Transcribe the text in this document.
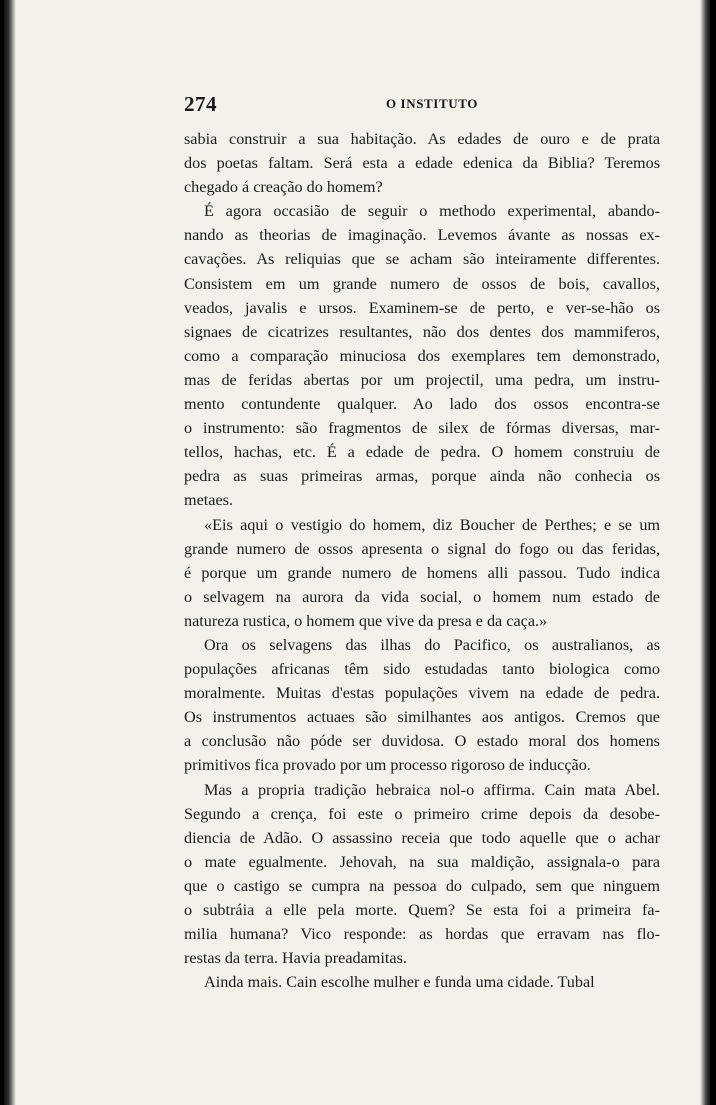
274	O INSTITUTO
sabia construir a sua habitação. As edades de ouro e de prata
dos poetas faltam. Será esta a edade edenica da Biblia? Teremos
chegado á creação do homem?
É agora occasião de seguir o methodo experimental, abando-
nando as theorias de imaginação. Levemos ávante as nossas ex-
cavações. As reliquias que se acham são inteiramente differentes.
Consistem em um grande numero de ossos de bois, cavallos,
veados, javalis e ursos. Examinem-se de perto, e ver-se-hão os
signaes de cicatrizes resultantes, não dos dentes dos mammiferos,
como a comparação minuciosa dos exemplares tem demonstrado,
mas de feridas abertas por um projectil, uma pedra, um instru-
mento contundente qualquer. Ao lado dos ossos encontra-se
o instrumento: são fragmentos de silex de fórmas diversas, mar-
tellos, hachas, etc. É a edade de pedra. O homem construiu de
pedra as suas primeiras armas, porque ainda não conhecia os
metaes.
«Eis aqui o vestigio do homem, diz Boucher de Perthes; e se um
grande numero de ossos apresenta o signal do fogo ou das feridas,
é porque um grande numero de homens alli passou. Tudo indica
o selvagem na aurora da vida social, o homem num estado de
natureza rustica, o homem que vive da presa e da caça.»
Ora os selvagens das ilhas do Pacifico, os australianos, as
populações africanas têm sido estudadas tanto biologica como
moralmente. Muitas d'estas populações vivem na edade de pedra.
Os instrumentos actuaes são similhantes aos antigos. Cremos que
a conclusão não póde ser duvidosa. O estado moral dos homens
primitivos fica provado por um processo rigoroso de inducção.
Mas a propria tradição hebraica nol-o affirma. Cain mata Abel.
Segundo a crença, foi este o primeiro crime depois da desobe-
diencia de Adão. O assassino receia que todo aquelle que o achar
o mate egualmente. Jehovah, na sua maldição, assignala-o para
que o castigo se cumpra na pessoa do culpado, sem que ninguem
o subtráia a elle pela morte. Quem? Se esta foi a primeira fa-
milia humana? Vico responde: as hordas que erravam nas flo-
restas da terra. Havia preadamitas.
Ainda mais. Cain escolhe mulher e funda uma cidade. Tubal
